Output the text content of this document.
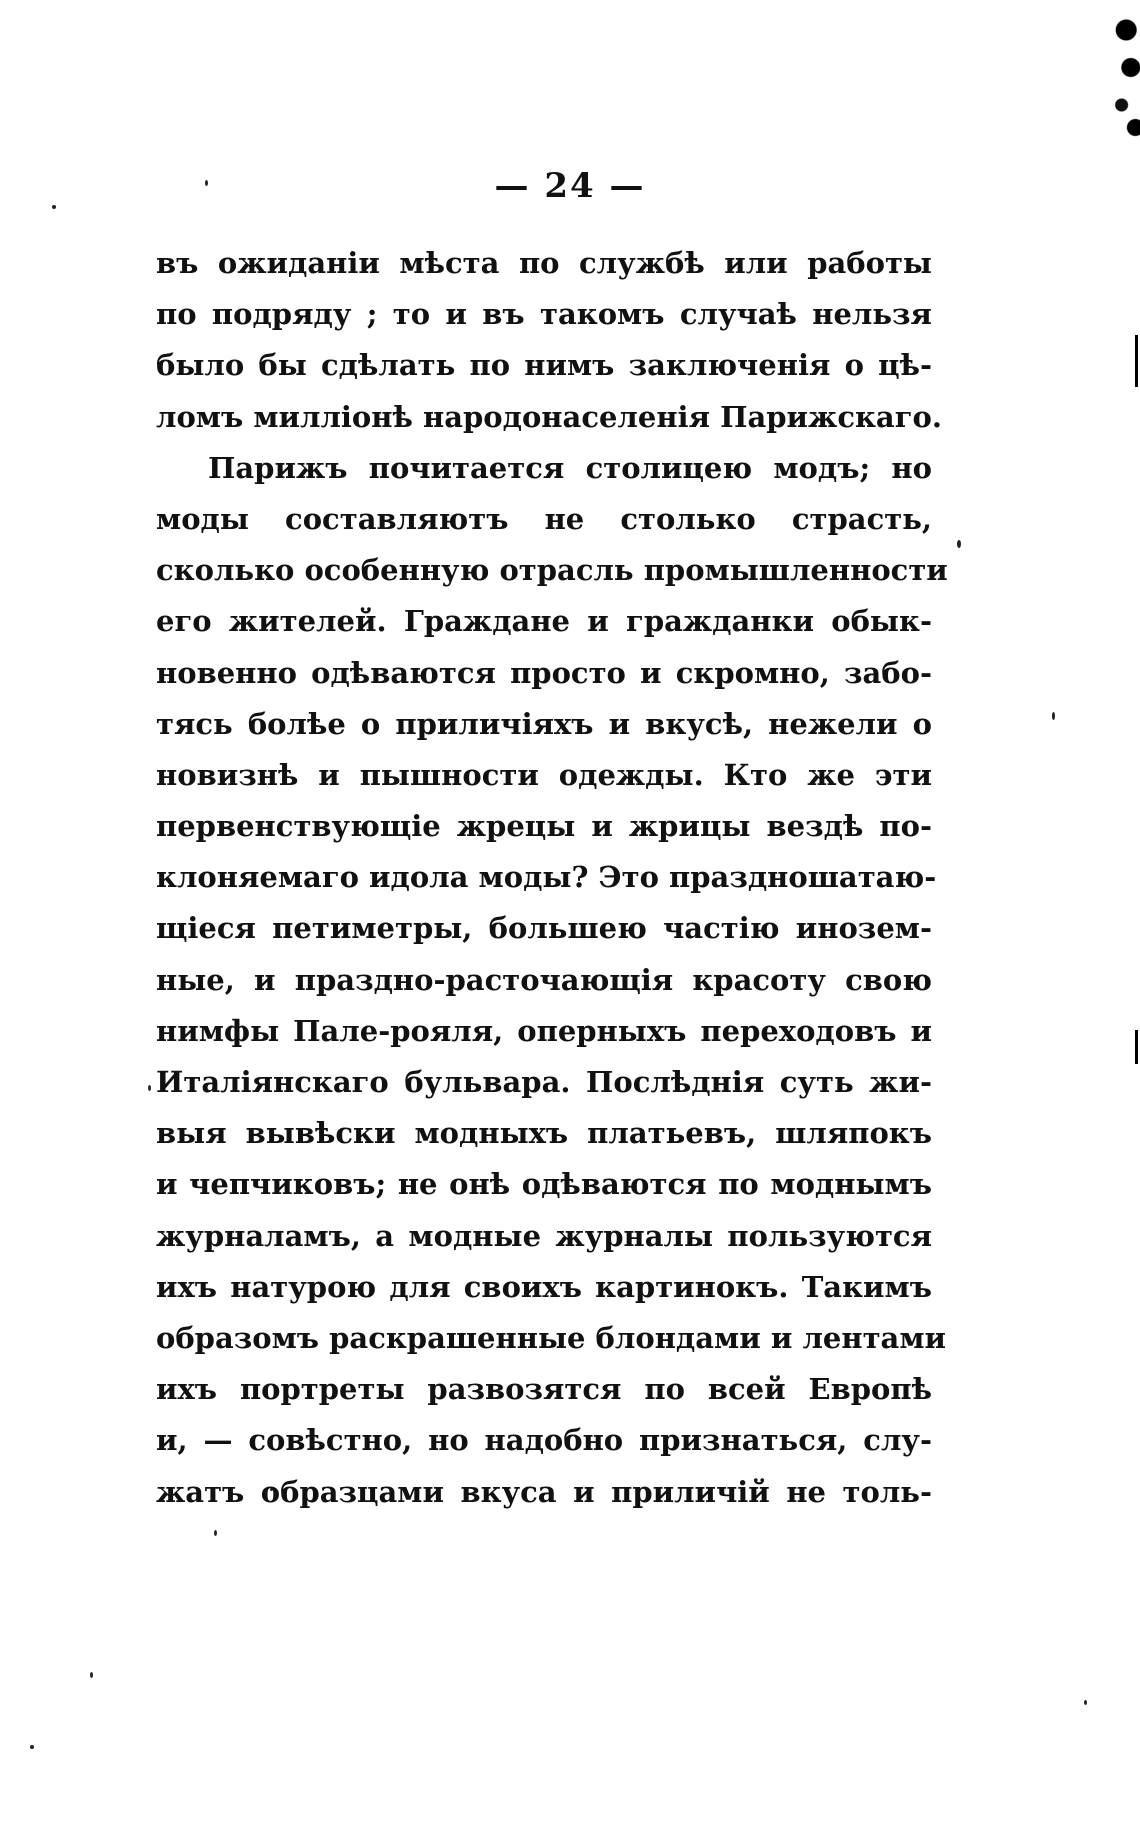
— 24 —
въ ожиданіи мѣста по службѣ или работы
по подряду ; то и въ такомъ случаѣ нельзя
было бы сдѣлать по нимъ заключенія о цѣ-
ломъ милліонѣ народонаселенія Парижскаго.
Парижъ почитается столицею модъ; но
моды составляютъ не столько страсть,
сколько особенную отрасль промышленности
его жителей. Граждане и гражданки обык-
новенно одѣваются просто и скромно, забо-
тясь болѣе о приличіяхъ и вкусѣ, нежели о
новизнѣ и пышности одежды. Кто же эти
первенствующіе жрецы и жрицы вездѣ по-
клоняемаго идола моды? Это праздношатаю-
щіеся петиметры, большею частію инозем-
ные, и праздно-расточающія красоту свою
нимфы Пале-рояля, оперныхъ переходовъ и
Италіянскаго бульвара. Послѣднія суть жи-
выя вывѣски модныхъ платьевъ, шляпокъ
и чепчиковъ; не онѣ одѣваются по моднымъ
журналамъ, а модные журналы пользуются
ихъ натурою для своихъ картинокъ. Такимъ
образомъ раскрашенные блондами и лентами
ихъ портреты развозятся по всей Европѣ
и, — совѣстно, но надобно признаться, слу-
жатъ образцами вкуса и приличій не толь-
